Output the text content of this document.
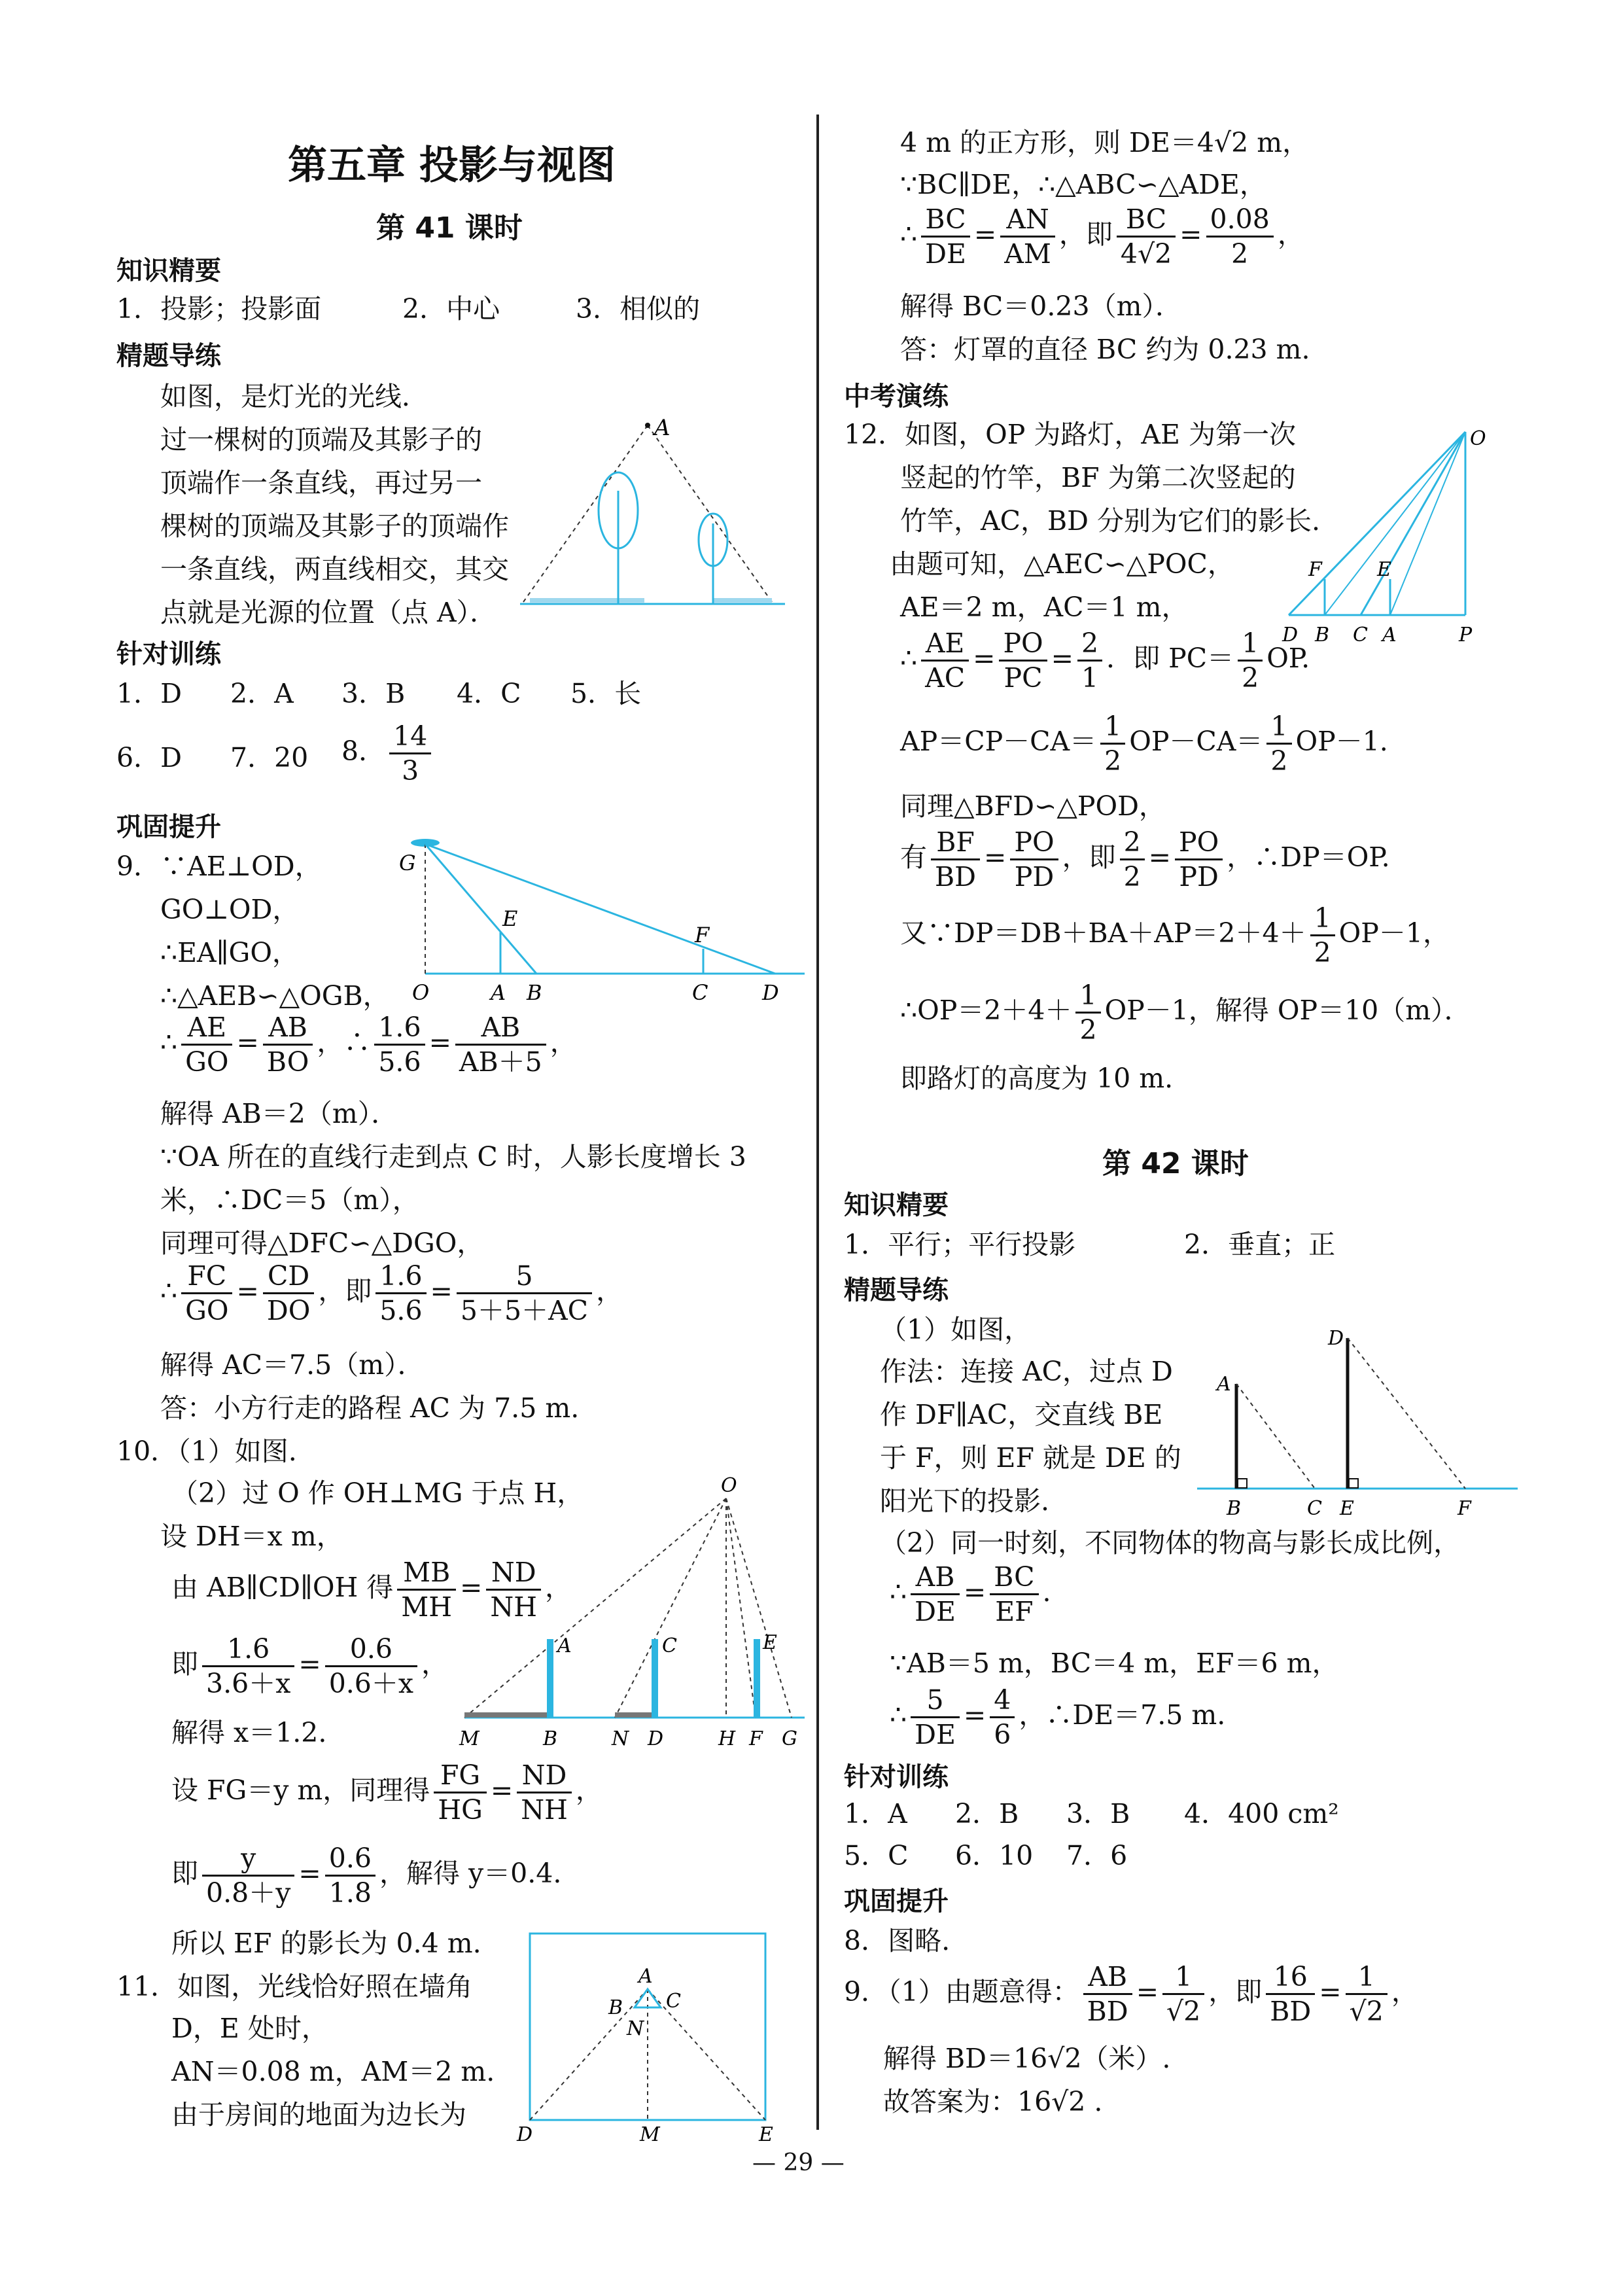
第五章 投影与视图
第 41 课时
知识精要
1．投影；投影面	2．中心	3．相似的
精题导练
如图，是灯光的光线．
过一棵树的顶端及其影子的
顶端作一条直线，再过另一
棵树的顶端及其影子的顶端作
一条直线，两直线相交，其交
点就是光源的位置（点 A）．
A
针对训练
1．D 2．A 3．B 4．C 5．长
6．D 7．20 8． $\frac{14}{3}$
巩固提升
9．∵AE⊥OD，
GO⊥OD，
∴EA∥GO，
∴△AEB∽△OGB，
∴ $\frac{AE}{GO} = \frac{AB}{BO}$ ，∴ $\frac{1.6}{5.6} = \frac{AB}{AB+5}$ ，
解得 AB＝2（m）．
∵OA 所在的直线行走到点 C 时，人影长度增长 3
米，∴DC＝5（m），
同理可得△DFC∽△DGO，
∴ $\frac{FC}{GO} = \frac{CD}{DO}$ ，即 $\frac{1.6}{5.6} = \frac{5}{5+5+AC}$ ，
解得 AC＝7.5（m）．
答：小方行走的路程 AC 为 7.5 m.
G
E
F
O	A B	C	D
10．（1）如图.
（2）过 O 作 OH⊥MG 于点 H，
设 DH＝x m，
由 AB∥CD∥OH 得 $\frac{MB}{MH} = \frac{ND}{NH}$ ，
即 $\frac{1.6}{3.6+x} = \frac{0.6}{0.6+x}$ ，
解得 x＝1.2.
设 FG＝y m，同理得 $\frac{FG}{HG} = \frac{ND}{NH}$ ，
即 $\frac{y}{0.8+y} = \frac{0.6}{1.8}$ ，解得 y＝0.4.
所以 EF 的影长为 0.4 m.
O
A	C	E
M	B	N D	H F G
11．如图，光线恰好照在墙角
D，E 处时，
AN＝0.08 m，AM＝2 m.
由于房间的地面为边长为
A
B C
N
D	M	E
4 m 的正方形，则 DE＝4√2 m，
∵BC∥DE，∴△ABC∽△ADE，
∴ $\frac{BC}{DE} = \frac{AN}{AM}$ ，即 $\frac{BC}{4√2} = \frac{0.08}{2}$ ，
解得 BC＝0.23（m）．
答：灯罩的直径 BC 约为 0.23 m.
中考演练
12．如图，OP 为路灯，AE 为第一次
竖起的竹竿，BF 为第二次竖起的
竹竿，AC，BD 分别为它们的影长.
由题可知，△AEC∽△POC，
AE＝2 m，AC＝1 m，
∴ $\frac{AE}{AC} = \frac{PO}{PC} = \frac{2}{1}$ ．即 $PC= \frac{1}{2}$ OP.
$AP=CP-CA= \frac{1}{2} OP-CA= \frac{1}{2} OP-1$.
同理△BFD∽△POD，
有 $\frac{BF}{BD} = \frac{PO}{PD}$ ，即 $\frac{2}{2} = \frac{PO}{PD}$ ，∴DP＝OP.
又∵DP＝DB＋BA＋AP＝2＋4＋ $\frac{1}{2} OP-1$，
∴OP＝2＋4＋ $\frac{1}{2} OP-1$，解得 OP＝10（m）．
即路灯的高度为 10 m.
O
F	E
D B C A	P
第 42 课时
知识精要
1．平行；平行投影	2．垂直；正
精题导练
（1）如图，
作法：连接 AC，过点 D
作 DF∥AC，交直线 BE
于 F，则 EF 就是 DE 的
阳光下的投影.
（2）同一时刻，不同物体的物高与影长成比例，
∴ $\frac{AB}{DE} = \frac{BC}{EF}$ .
∵AB＝5 m，BC＝4 m，EF＝6 m，
∴ $\frac{5}{DE} = \frac{4}{6}$ ，∴DE＝7.5 m.
D
A
B	C E	F
针对训练
1．A 2．B 3．B 4．400 cm²
5．C 6．10 7．6
巩固提升
8．图略.
9．（1）由题意得： $\frac{AB}{BD} = \frac{1}{√2}$ ，即 $\frac{16}{BD} = \frac{1}{√2}$ ，
解得 BD＝16√2（米）.
故答案为：16√2 .
— 29 —
